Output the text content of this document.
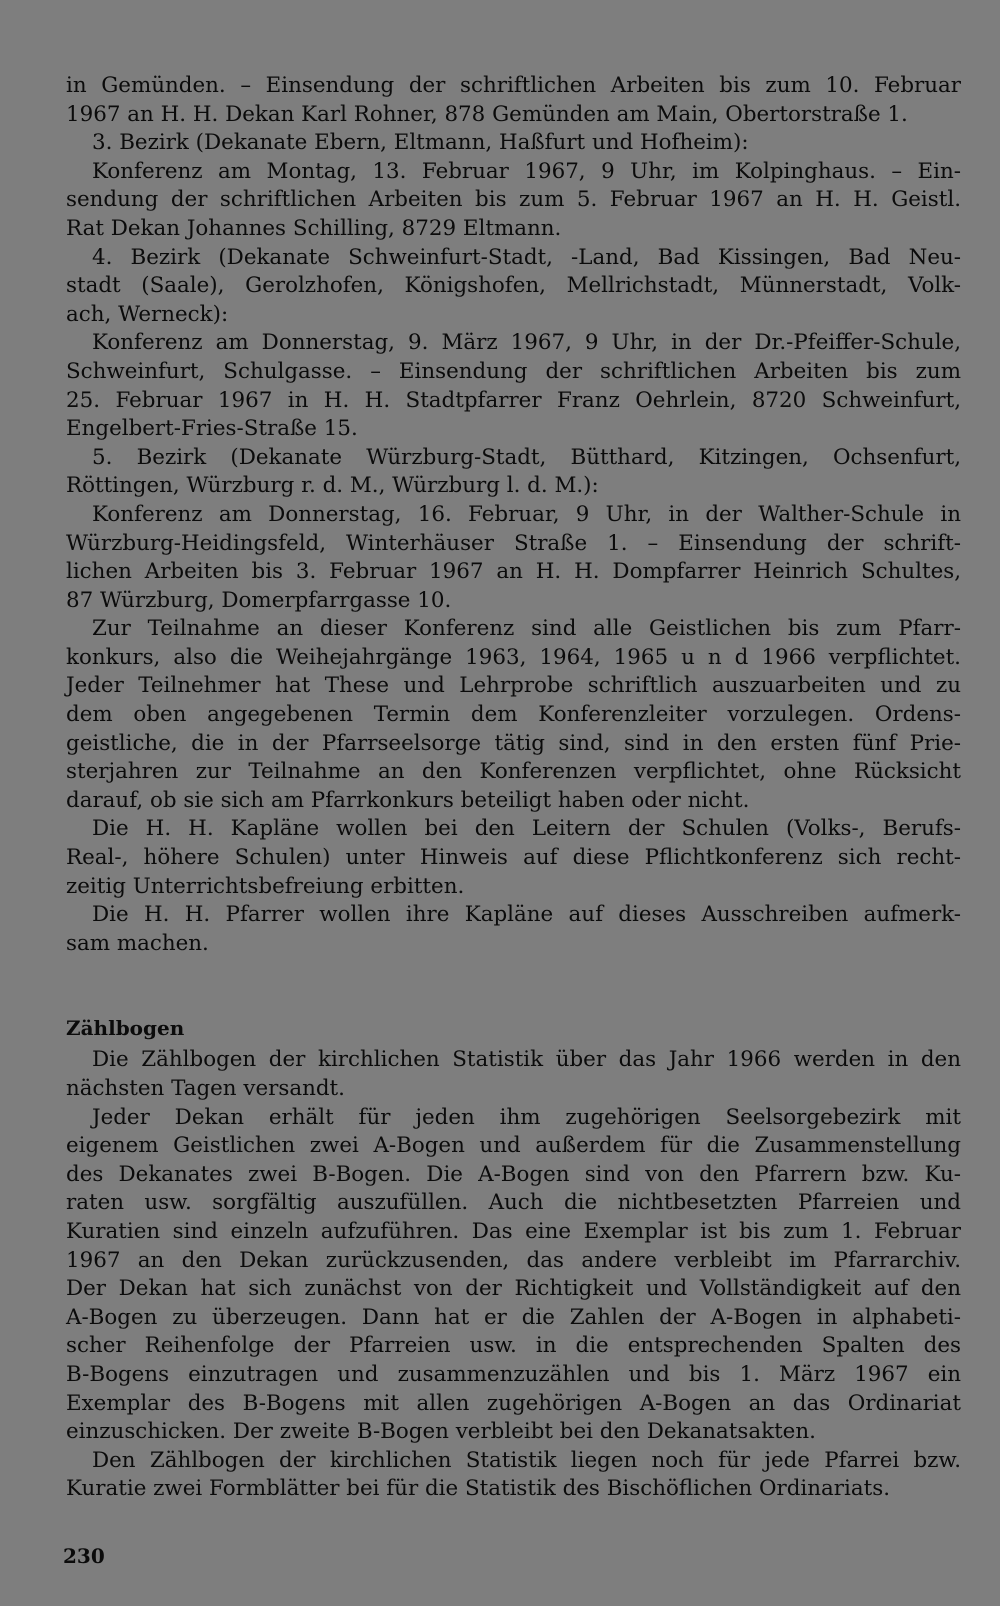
in Gemünden. – Einsendung der schriftlichen Arbeiten bis zum 10. Februar
1967 an H. H. Dekan Karl Rohner, 878 Gemünden am Main, Obertorstraße 1.
3. Bezirk (Dekanate Ebern, Eltmann, Haßfurt und Hofheim):
Konferenz am Montag, 13. Februar 1967, 9 Uhr, im Kolpinghaus. – Ein-
sendung der schriftlichen Arbeiten bis zum 5. Februar 1967 an H. H. Geistl.
Rat Dekan Johannes Schilling, 8729 Eltmann.
4. Bezirk (Dekanate Schweinfurt-Stadt, -Land, Bad Kissingen, Bad Neu-
stadt (Saale), Gerolzhofen, Königshofen, Mellrichstadt, Münnerstadt, Volk-
ach, Werneck):
Konferenz am Donnerstag, 9. März 1967, 9 Uhr, in der Dr.-Pfeiffer-Schule,
Schweinfurt, Schulgasse. – Einsendung der schriftlichen Arbeiten bis zum
25. Februar 1967 in H. H. Stadtpfarrer Franz Oehrlein, 8720 Schweinfurt,
Engelbert-Fries-Straße 15.
5. Bezirk (Dekanate Würzburg-Stadt, Bütthard, Kitzingen, Ochsenfurt,
Röttingen, Würzburg r. d. M., Würzburg l. d. M.):
Konferenz am Donnerstag, 16. Februar, 9 Uhr, in der Walther-Schule in
Würzburg-Heidingsfeld, Winterhäuser Straße 1. – Einsendung der schrift-
lichen Arbeiten bis 3. Februar 1967 an H. H. Dompfarrer Heinrich Schultes,
87 Würzburg, Domerpfarrgasse 10.
Zur Teilnahme an dieser Konferenz sind alle Geistlichen bis zum Pfarr-
konkurs, also die Weihejahrgänge 1963, 1964, 1965 u n d 1966 verpflichtet.
Jeder Teilnehmer hat These und Lehrprobe schriftlich auszuarbeiten und zu
dem oben angegebenen Termin dem Konferenzleiter vorzulegen. Ordens-
geistliche, die in der Pfarrseelsorge tätig sind, sind in den ersten fünf Prie-
sterjahren zur Teilnahme an den Konferenzen verpflichtet, ohne Rücksicht
darauf, ob sie sich am Pfarrkonkurs beteiligt haben oder nicht.
Die H. H. Kapläne wollen bei den Leitern der Schulen (Volks-, Berufs-
Real-, höhere Schulen) unter Hinweis auf diese Pflichtkonferenz sich recht-
zeitig Unterrichtsbefreiung erbitten.
Die H. H. Pfarrer wollen ihre Kapläne auf dieses Ausschreiben aufmerk-
sam machen.
Zählbogen
Die Zählbogen der kirchlichen Statistik über das Jahr 1966 werden in den
nächsten Tagen versandt.
Jeder Dekan erhält für jeden ihm zugehörigen Seelsorgebezirk mit
eigenem Geistlichen zwei A-Bogen und außerdem für die Zusammenstellung
des Dekanates zwei B-Bogen. Die A-Bogen sind von den Pfarrern bzw. Ku-
raten usw. sorgfältig auszufüllen. Auch die nichtbesetzten Pfarreien und
Kuratien sind einzeln aufzuführen. Das eine Exemplar ist bis zum 1. Februar
1967 an den Dekan zurückzusenden, das andere verbleibt im Pfarrarchiv.
Der Dekan hat sich zunächst von der Richtigkeit und Vollständigkeit auf den
A-Bogen zu überzeugen. Dann hat er die Zahlen der A-Bogen in alphabeti-
scher Reihenfolge der Pfarreien usw. in die entsprechenden Spalten des
B-Bogens einzutragen und zusammenzuzählen und bis 1. März 1967 ein
Exemplar des B-Bogens mit allen zugehörigen A-Bogen an das Ordinariat
einzuschicken. Der zweite B-Bogen verbleibt bei den Dekanatsakten.
Den Zählbogen der kirchlichen Statistik liegen noch für jede Pfarrei bzw.
Kuratie zwei Formblätter bei für die Statistik des Bischöflichen Ordinariats.
230
